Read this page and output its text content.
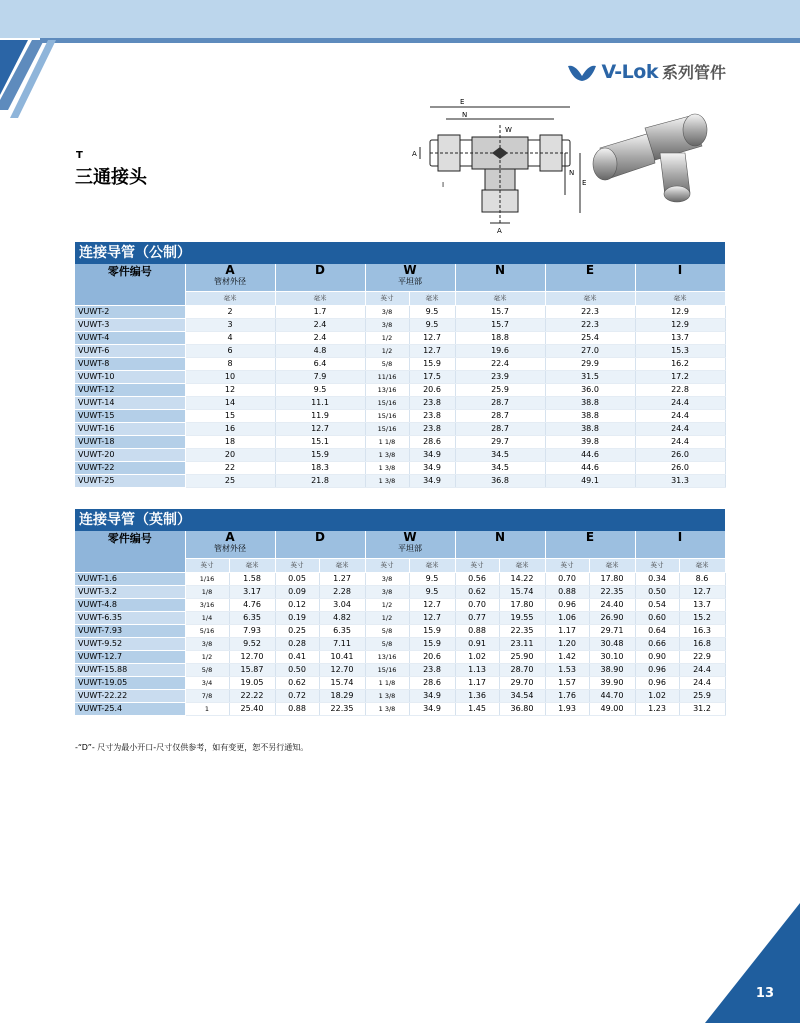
V-Lok 系列管件
T
三通接头
E
N
W
A
N
E
A
I
连接导管（公制）							
零件编号	A
管材外径	D	W
平坦部		N	E	I

	毫米	毫米	英寸	毫米	毫米	毫米	毫米
VUWT-2	2	1.7	3/8	9.5	15.7	22.3	12.9
VUWT-3	3	2.4	3/8	9.5	15.7	22.3	12.9
VUWT-4	4	2.4	1/2	12.7	18.8	25.4	13.7
VUWT-6	6	4.8	1/2	12.7	19.6	27.0	15.3
VUWT-8	8	6.4	5/8	15.9	22.4	29.9	16.2
VUWT-10	10	7.9	11/16	17.5	23.9	31.5	17.2
VUWT-12	12	9.5	13/16	20.6	25.9	36.0	22.8
VUWT-14	14	11.1	15/16	23.8	28.7	38.8	24.4
VUWT-15	15	11.9	15/16	23.8	28.7	38.8	24.4
VUWT-16	16	12.7	15/16	23.8	28.7	38.8	24.4
VUWT-18	18	15.1	1 1/8	28.6	29.7	39.8	24.4
VUWT-20	20	15.9	1 3/8	34.9	34.5	44.6	26.0
VUWT-22	22	18.3	1 3/8	34.9	34.5	44.6	26.0
VUWT-25	25	21.8	1 3/8	34.9	36.8	49.1	31.3
连接导管（英制）												
零件编号	A
管材外径		D		W
平坦部		N		E		I	

	英寸	毫米	英寸	毫米	英寸	毫米	英寸	毫米	英寸	毫米	英寸	毫米
VUWT-1.6	1/16	1.58	0.05	1.27	3/8	9.5	0.56	14.22	0.70	17.80	0.34	8.6
VUWT-3.2	1/8	3.17	0.09	2.28	3/8	9.5	0.62	15.74	0.88	22.35	0.50	12.7
VUWT-4.8	3/16	4.76	0.12	3.04	1/2	12.7	0.70	17.80	0.96	24.40	0.54	13.7
VUWT-6.35	1/4	6.35	0.19	4.82	1/2	12.7	0.77	19.55	1.06	26.90	0.60	15.2
VUWT-7.93	5/16	7.93	0.25	6.35	5/8	15.9	0.88	22.35	1.17	29.71	0.64	16.3
VUWT-9.52	3/8	9.52	0.28	7.11	5/8	15.9	0.91	23.11	1.20	30.48	0.66	16.8
VUWT-12.7	1/2	12.70	0.41	10.41	13/16	20.6	1.02	25.90	1.42	30.10	0.90	22.9
VUWT-15.88	5/8	15.87	0.50	12.70	15/16	23.8	1.13	28.70	1.53	38.90	0.96	24.4
VUWT-19.05	3/4	19.05	0.62	15.74	1 1/8	28.6	1.17	29.70	1.57	39.90	0.96	24.4
VUWT-22.22	7/8	22.22	0.72	18.29	1 3/8	34.9	1.36	34.54	1.76	44.70	1.02	25.9
VUWT-25.4	1	25.40	0.88	22.35	1 3/8	34.9	1.45	36.80	1.93	49.00	1.23	31.2
-“D”- 尺寸为最小开口-尺寸仅供参考，如有变更，恕不另行通知。
13
